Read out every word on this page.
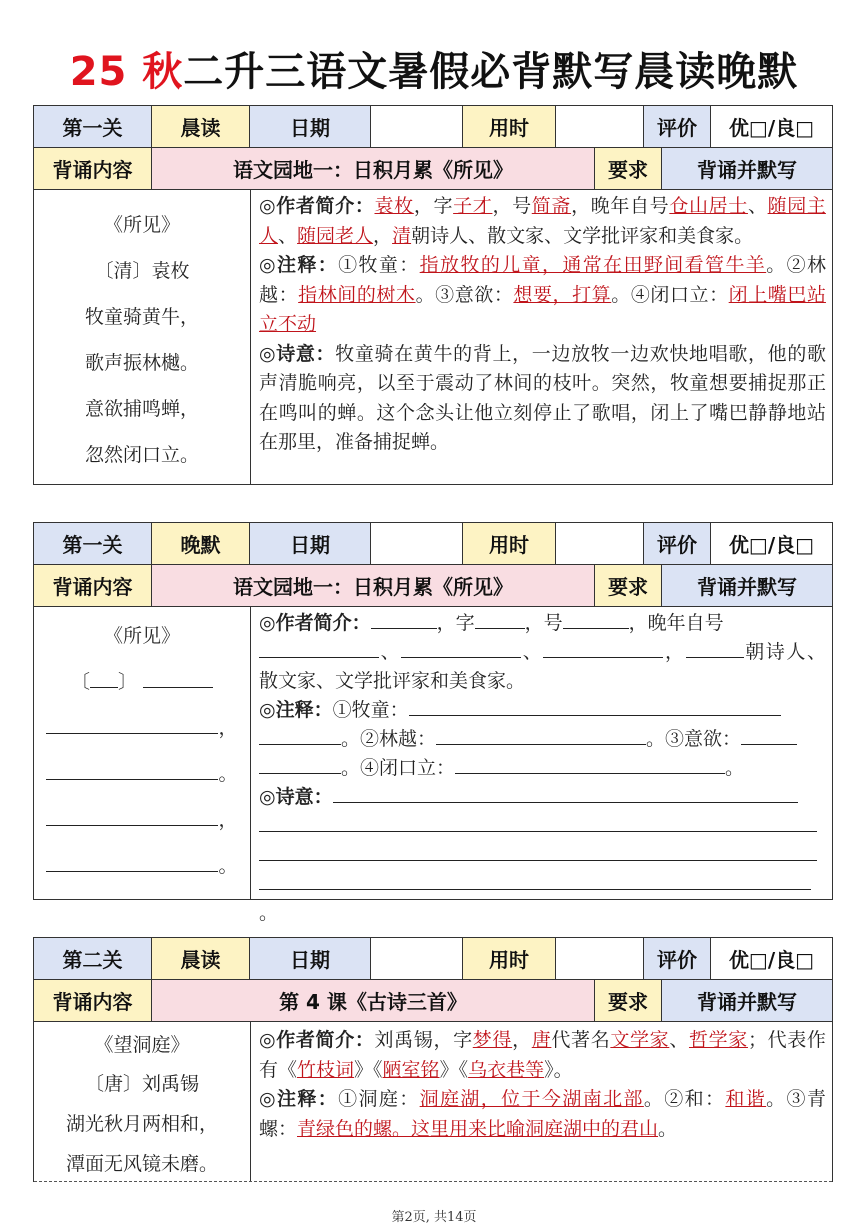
25 秋二升三语文暑假必背默写晨读晚默
第一关	晨读	日期	用时	评价	优□/良□
背诵内容	语文园地一：日积月累《所见》	要求	背诵并默写
《所见》
〔清〕袁枚
牧童骑黄牛，
歌声振林樾。
意欲捕鸣蝉，
忽然闭口立。

◎作者简介：袁枚，字子才，号简斋，晚年自号仓山居士、随园主人、随园老人，清朝诗人、散文家、文学批评家和美食家。

◎注释：①牧童：指放牧的儿童，通常在田野间看管牛羊。②林越：指林间的树木。③意欲：想要，打算。④闭口立：闭上嘴巴站立不动

◎诗意：牧童骑在黄牛的背上，一边放牧一边欢快地唱歌，他的歌声清脆响亮，以至于震动了林间的枝叶。突然，牧童想要捕捉那正在鸣叫的蝉。这个念头让他立刻停止了歌唱，闭上了嘴巴静静地站在那里，准备捕捉蝉。

第一关	晚默	日期	用时	评价	优□/良□
背诵内容	语文园地一：日积月累《所见》	要求	背诵并默写
《所见》
〔 〕
，
。
，
。

◎作者简介：	，字	，号	，晚年自号
、	、	，	朝诗人、散文家、文学批评家和美食家。

◎注释：①牧童：
。②林越：	。③意欲：
。④闭口立：	。

◎诗意：

。

第二关	晨读	日期	用时	评价	优□/良□
背诵内容	第 4 课《古诗三首》	要求	背诵并默写
《望洞庭》
〔唐〕刘禹锡
湖光秋月两相和，
潭面无风镜未磨。

◎作者简介：刘禹锡，字梦得，唐代著名文学家、哲学家；代表作有《竹枝词》《陋室铭》《乌衣巷等》。

◎注释：①洞庭：洞庭湖，位于今湖南北部。②和：和谐。③青螺：青绿色的螺。这里用来比喻洞庭湖中的君山。

第2页, 共14页
